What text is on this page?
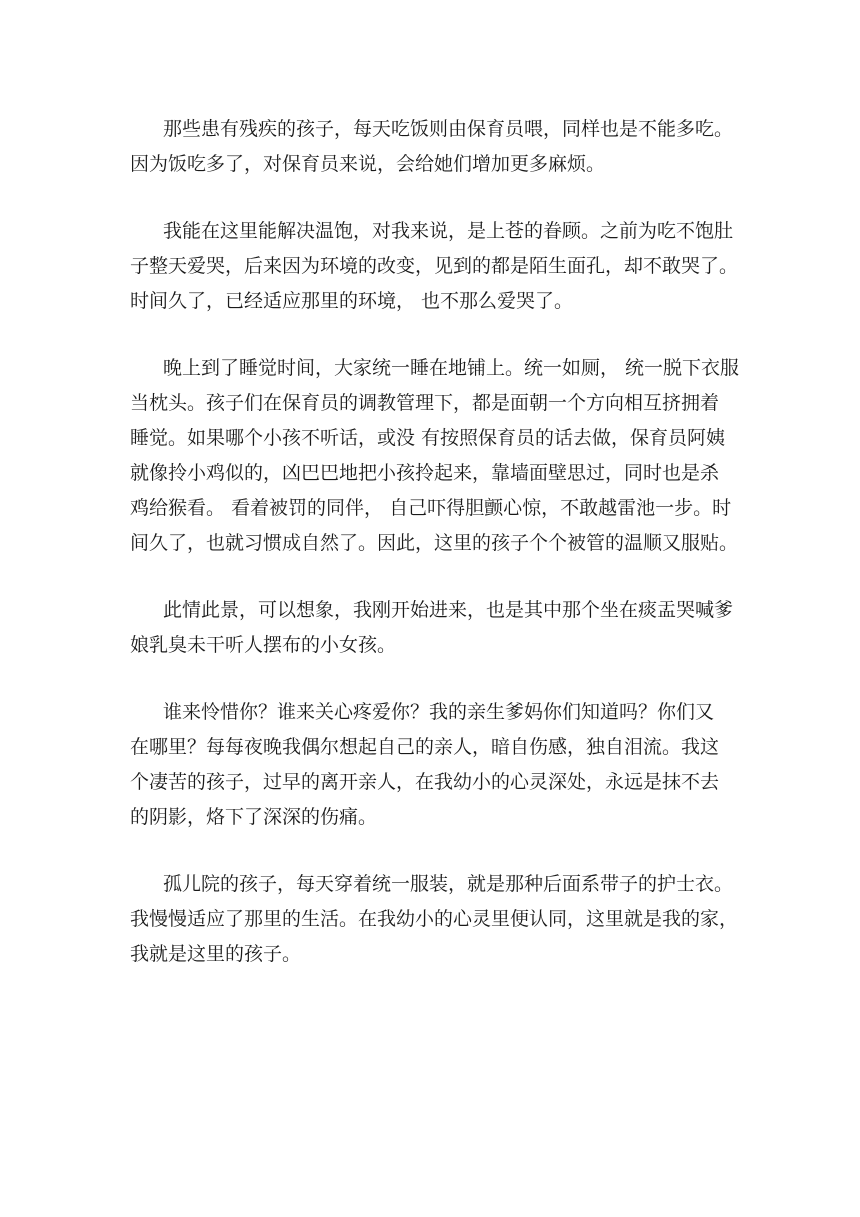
那些患有残疾的孩子，每天吃饭则由保育员喂，同样也是不能多吃。
因为饭吃多了，对保育员来说，会给她们增加更多麻烦。

我能在这里能解决温饱，对我来说，是上苍的眷顾。之前为吃不饱肚
子整天爱哭，后来因为环境的改变，见到的都是陌生面孔，却不敢哭了。
时间久了，已经适应那里的环境， 也不那么爱哭了。

晚上到了睡觉时间，大家统一睡在地铺上。统一如厕， 统一脱下衣服
当枕头。孩子们在保育员的调教管理下，都是面朝一个方向相互挤拥着
睡觉。如果哪个小孩不听话，或没 有按照保育员的话去做，保育员阿姨
就像拎小鸡似的，凶巴巴地把小孩拎起来，靠墙面壁思过，同时也是杀
鸡给猴看。 看着被罚的同伴， 自己吓得胆颤心惊，不敢越雷池一步。时
间久了，也就习惯成自然了。因此，这里的孩子个个被管的温顺又服贴。

此情此景，可以想象，我刚开始进来，也是其中那个坐在痰盂哭喊爹
娘乳臭未干听人摆布的小女孩。

谁来怜惜你？谁来关心疼爱你？我的亲生爹妈你们知道吗？你们又
在哪里？每每夜晚我偶尔想起自己的亲人，暗自伤感，独自泪流。我这
个凄苦的孩子，过早的离开亲人，在我幼小的心灵深处，永远是抹不去
的阴影，烙下了深深的伤痛。

孤儿院的孩子，每天穿着统一服装，就是那种后面系带子的护士衣。
我慢慢适应了那里的生活。在我幼小的心灵里便认同，这里就是我的家，
我就是这里的孩子。
